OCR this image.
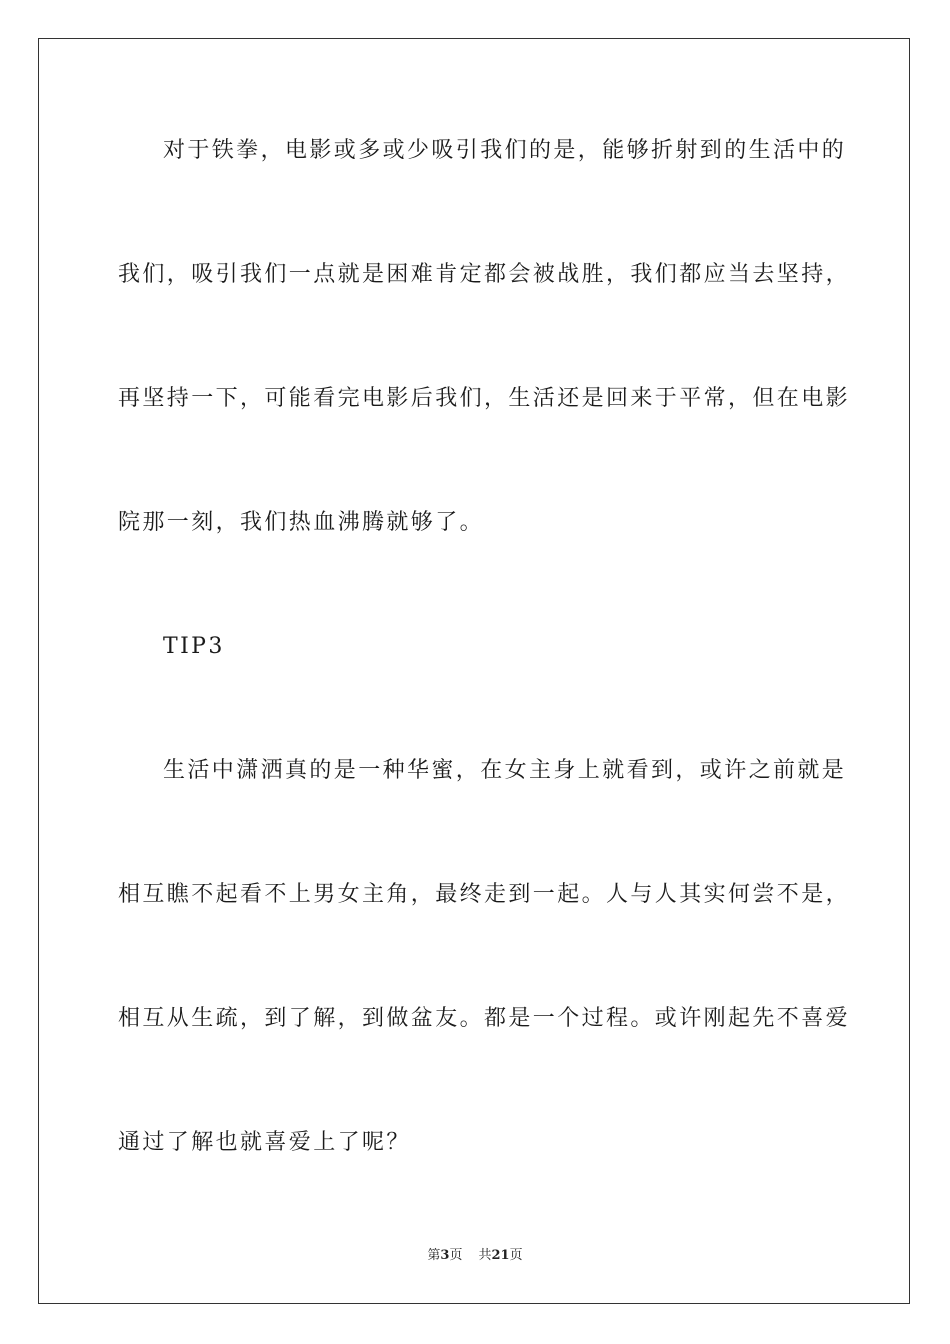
对于铁拳，电影或多或少吸引我们的是，能够折射到的生活中的
我们，吸引我们一点就是困难肯定都会被战胜，我们都应当去坚持，
再坚持一下，可能看完电影后我们，生活还是回来于平常，但在电影
院那一刻，我们热血沸腾就够了。
TIP3
生活中潇洒真的是一种华蜜，在女主身上就看到，或许之前就是
相互瞧不起看不上男女主角，最终走到一起。人与人其实何尝不是，
相互从生疏，到了解，到做盆友。都是一个过程。或许刚起先不喜爱
通过了解也就喜爱上了呢？
第3页 共21页
